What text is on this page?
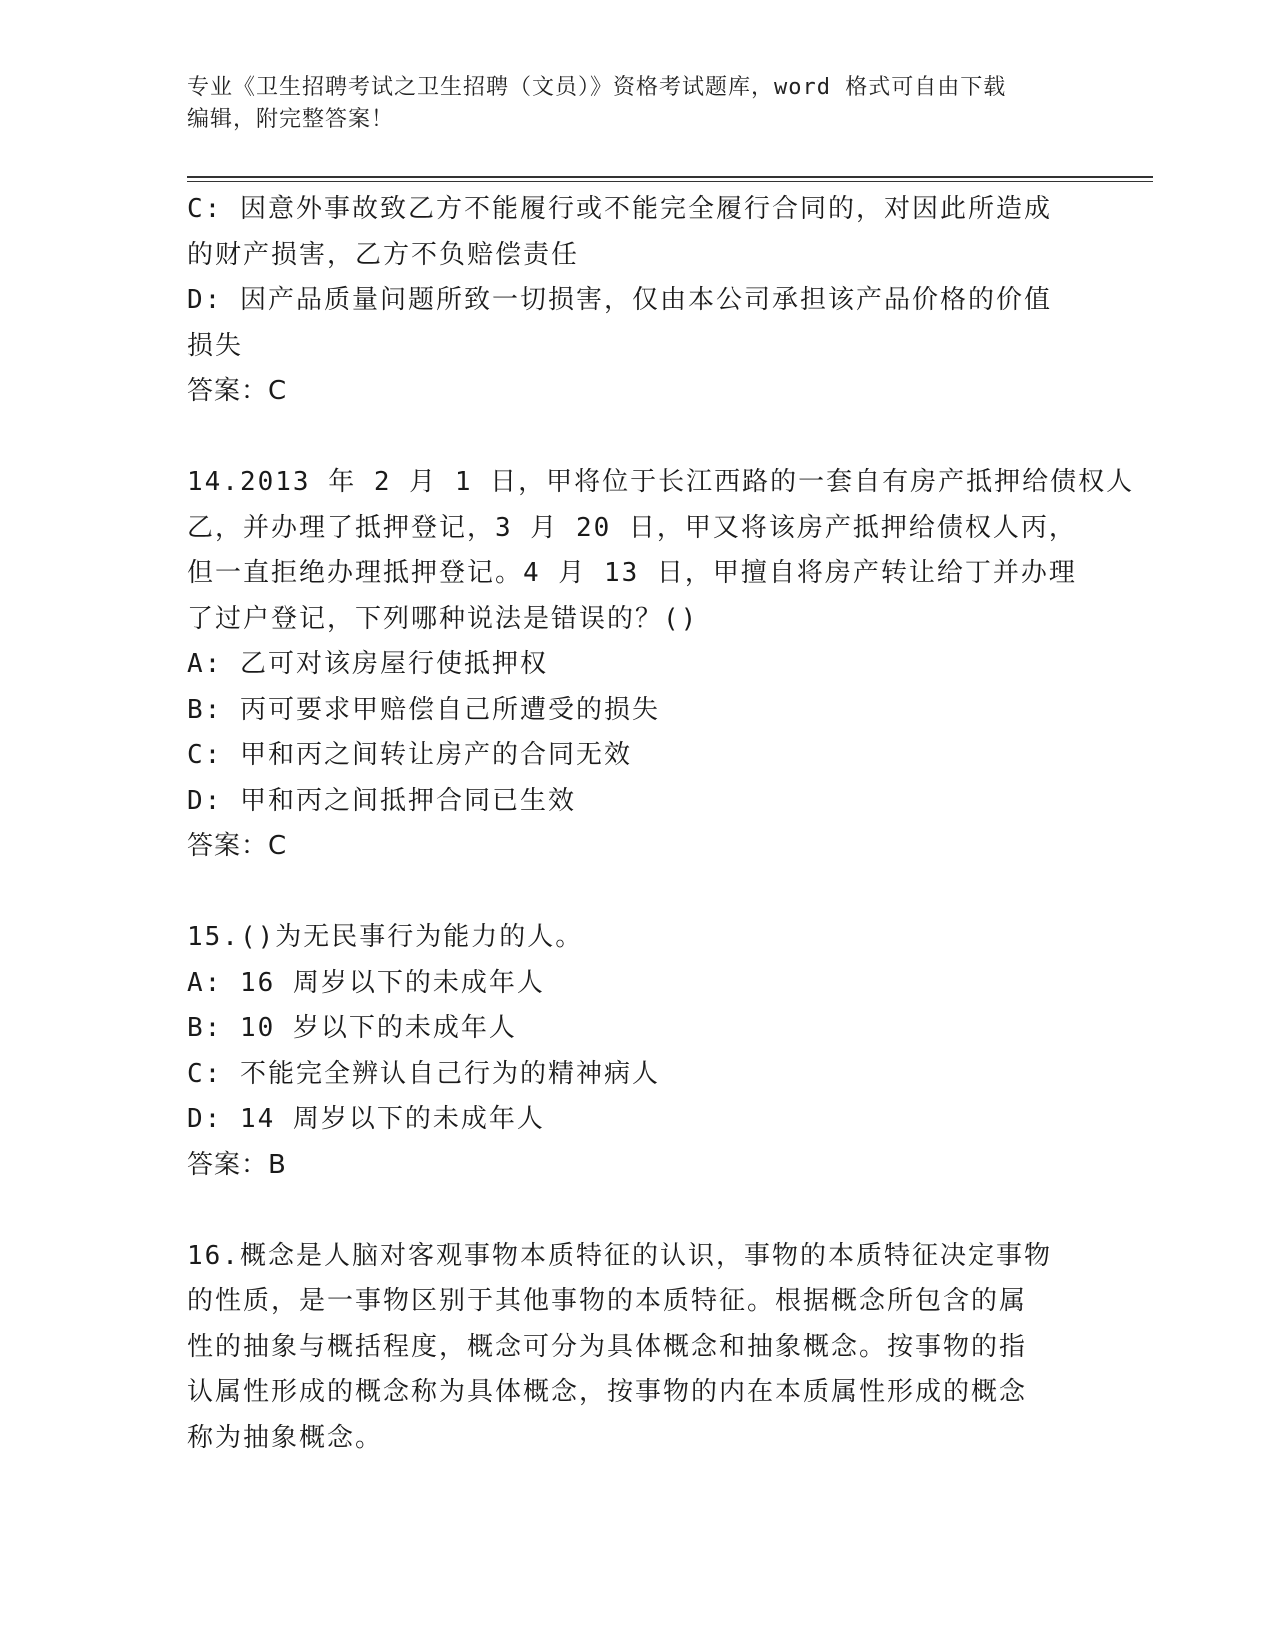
专业《卫生招聘考试之卫生招聘（文员）》资格考试题库，word 格式可自由下载
编辑，附完整答案！
C: 因意外事故致乙方不能履行或不能完全履行合同的，对因此所造成
的财产损害，乙方不负赔偿责任
D: 因产品质量问题所致一切损害，仅由本公司承担该产品价格的价值
损失
答案：C
14.2013 年 2 月 1 日，甲将位于长江西路的一套自有房产抵押给债权人
乙，并办理了抵押登记，3 月 20 日，甲又将该房产抵押给债权人丙，
但一直拒绝办理抵押登记。4 月 13 日，甲擅自将房产转让给丁并办理
了过户登记，下列哪种说法是错误的？()
A: 乙可对该房屋行使抵押权
B: 丙可要求甲赔偿自己所遭受的损失
C: 甲和丙之间转让房产的合同无效
D: 甲和丙之间抵押合同已生效
答案：C
15.()为无民事行为能力的人。
A: 16 周岁以下的未成年人
B: 10 岁以下的未成年人
C: 不能完全辨认自己行为的精神病人
D: 14 周岁以下的未成年人
答案：B
16.概念是人脑对客观事物本质特征的认识，事物的本质特征决定事物
的性质，是一事物区别于其他事物的本质特征。根据概念所包含的属
性的抽象与概括程度，概念可分为具体概念和抽象概念。按事物的指
认属性形成的概念称为具体概念，按事物的内在本质属性形成的概念
称为抽象概念。
